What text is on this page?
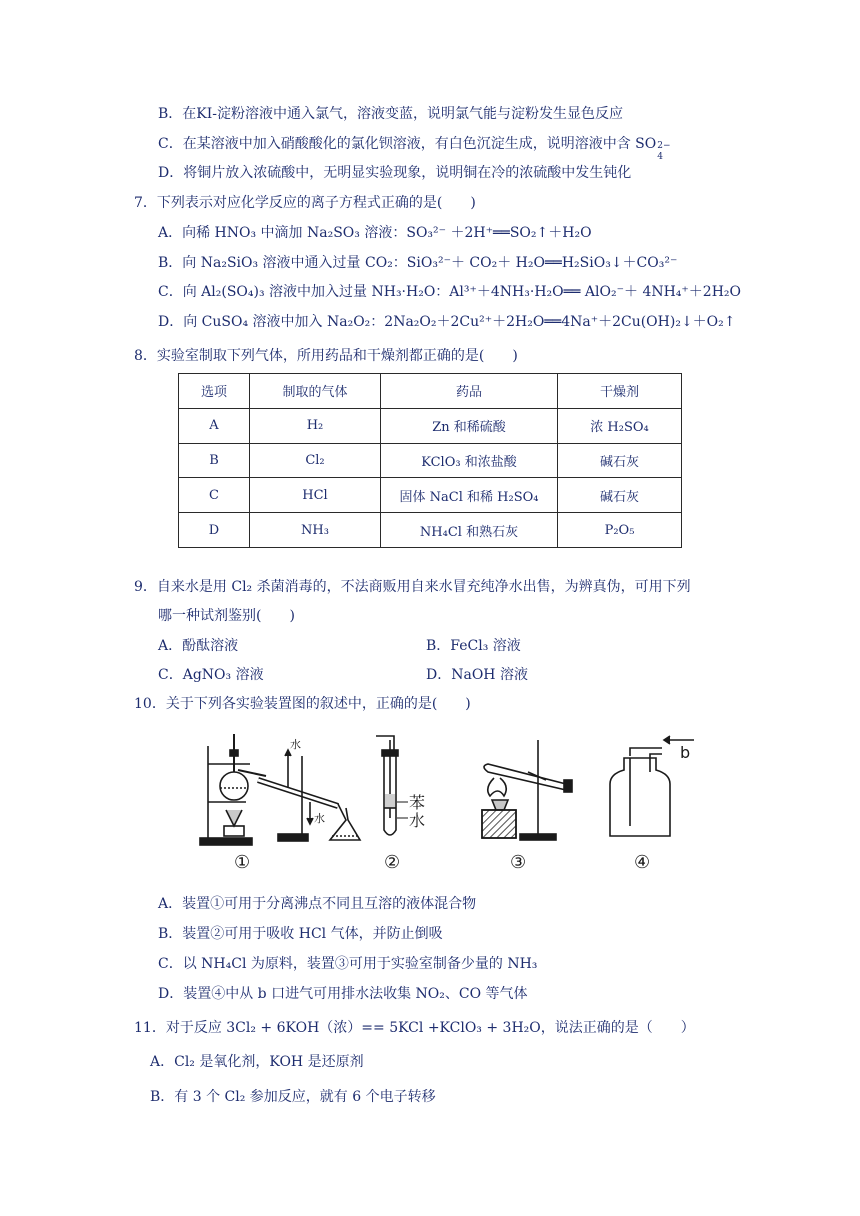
B．在KI-淀粉溶液中通入氯气，溶液变蓝，说明氯气能与淀粉发生显色反应
C．在某溶液中加入硝酸酸化的氯化钡溶液，有白色沉淀生成，说明溶液中含 SO 2−
4
D．将铜片放入浓硫酸中，无明显实验现象，说明铜在冷的浓硫酸中发生钝化
7．下列表示对应化学反应的离子方程式正确的是(　　)
A．向稀 HNO₃ 中滴加 Na₂SO₃ 溶液：SO₃²⁻ ＋2H⁺══SO₂↑＋H₂O
B．向 Na₂SiO₃ 溶液中通入过量 CO₂：SiO₃²⁻＋ CO₂＋ H₂O══H₂SiO₃↓＋CO₃²⁻
C．向 Al₂(SO₄)₃ 溶液中加入过量 NH₃·H₂O：Al³⁺＋4NH₃·H₂O══ AlO₂⁻＋ 4NH₄⁺＋2H₂O
D．向 CuSO₄ 溶液中加入 Na₂O₂：2Na₂O₂＋2Cu²⁺＋2H₂O══4Na⁺＋2Cu(OH)₂↓＋O₂↑
8．实验室制取下列气体，所用药品和干燥剂都正确的是(　　)
选项	制取的气体	药品	干燥剂
A	H₂	Zn 和稀硫酸	浓 H₂SO₄
B	Cl₂	KClO₃ 和浓盐酸	碱石灰
C	HCl	固体 NaCl 和稀 H₂SO₄	碱石灰
D	NH₃	NH₄Cl 和熟石灰	P₂O₅
9．自来水是用 Cl₂ 杀菌消毒的，不法商贩用自来水冒充纯净水出售，为辨真伪，可用下列
哪一种试剂鉴别(　　)
A．酚酞溶液	B．FeCl₃ 溶液
C．AgNO₃ 溶液	D．NaOH 溶液
10．关于下列各实验装置图的叙述中，正确的是(　　)
水
水
①
苯
水
②	③
b
④
A．装置①可用于分离沸点不同且互溶的液体混合物
B．装置②可用于吸收 HCl 气体，并防止倒吸
C．以 NH₄Cl 为原料，装置③可用于实验室制备少量的 NH₃
D．装置④中从 b 口进气可用排水法收集 NO₂、CO 等气体
11．对于反应 3Cl₂ + 6KOH（浓）== 5KCl +KClO₃ + 3H₂O，说法正确的是（　　）
A．Cl₂ 是氧化剂，KOH 是还原剂
B．有 3 个 Cl₂ 参加反应，就有 6 个电子转移
